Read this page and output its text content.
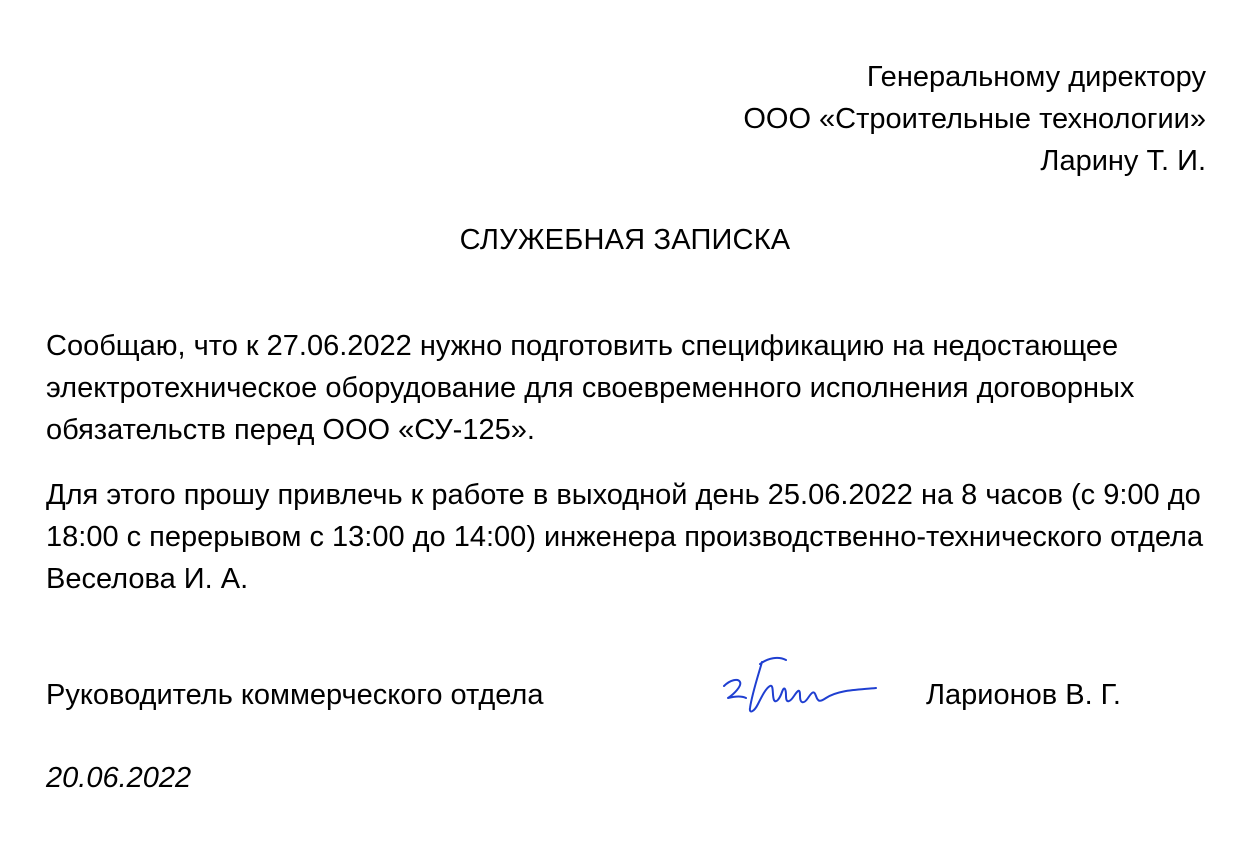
Генеральному директору
ООО «Строительные технологии»
Ларину Т. И.
СЛУЖЕБНАЯ ЗАПИСКА
Сообщаю, что к 27.06.2022 нужно подготовить спецификацию на недостающее электротехническое оборудование для своевременного исполнения договорных обязательств перед ООО «СУ-125».
Для этого прошу привлечь к работе в выходной день 25.06.2022 на 8 часов (с 9:00 до 18:00 с перерывом с 13:00 до 14:00) инженера производственно-технического отдела Веселова И. А.
Руководитель коммерческого отдела	Ларионов В. Г.
20.06.2022
